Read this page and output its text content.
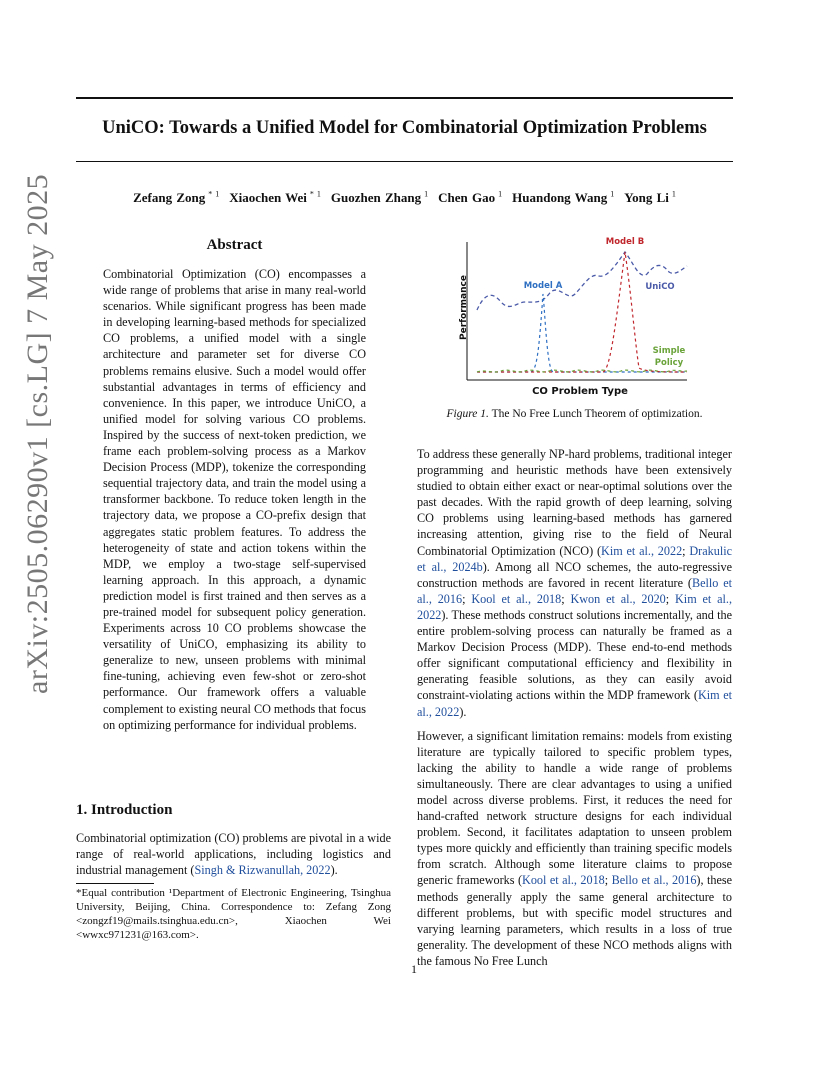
arXiv:2505.06290v1 [cs.LG] 7 May 2025
UniCO: Towards a Unified Model for Combinatorial Optimization Problems
Zefang Zong $^{* 1}$ Xiaochen Wei $^{* 1}$ Guozhen Zhang $^1$ Chen Gao $^1$ Huandong Wang $^1$ Yong Li $^1$
Abstract
Combinatorial Optimization (CO) encompasses a wide range of problems that arise in many real-world scenarios. While significant progress has been made in developing learning-based methods for specialized CO problems, a unified model with a single architecture and parameter set for diverse CO problems remains elusive. Such a model would offer substantial advantages in terms of efficiency and convenience. In this paper, we introduce UniCO, a unified model for solving various CO problems. Inspired by the success of next-token prediction, we frame each problem-solving process as a Markov Decision Process (MDP), tokenize the corresponding sequential trajectory data, and train the model using a transformer backbone. To reduce token length in the trajectory data, we propose a CO-prefix design that aggregates static problem features. To address the heterogeneity of state and action tokens within the MDP, we employ a two-stage self-supervised learning approach. In this approach, a dynamic prediction model is first trained and then serves as a pre-trained model for subsequent policy generation. Experiments across 10 CO problems showcase the versatility of UniCO, emphasizing its ability to generalize to new, unseen problems with minimal fine-tuning, achieving even few-shot or zero-shot performance. Our framework offers a valuable complement to existing neural CO methods that focus on optimizing performance for individual problems.
1. Introduction
Combinatorial optimization (CO) problems are pivotal in a wide range of real-world applications, including logistics and industrial management (Singh & Rizwanullah, 2022).
*Equal contribution ¹Department of Electronic Engineering, Tsinghua University, Beijing, China. Correspondence to: Zefang Zong <zongzf19@mails.tsinghua.edu.cn>, Xiaochen Wei <wwxc971231@163.com>.
Performance
CO Problem Type
Model A
Model B
UniCO
Simple
Policy
Figure 1. The No Free Lunch Theorem of optimization.

To address these generally NP-hard problems, traditional integer programming and heuristic methods have been extensively studied to obtain either exact or near-optimal solutions over the past decades. With the rapid growth of deep learning, solving CO problems using learning-based methods has garnered increasing attention, giving rise to the field of Neural Combinatorial Optimization (NCO) (Kim et al., 2022; Drakulic et al., 2024b). Among all NCO schemes, the auto-regressive construction methods are favored in recent literature (Bello et al., 2016; Kool et al., 2018; Kwon et al., 2020; Kim et al., 2022). These methods construct solutions incrementally, and the entire problem-solving process can naturally be framed as a Markov Decision Process (MDP). These end-to-end methods offer significant computational efficiency and flexibility in generating feasible solutions, as they can easily avoid constraint-violating actions within the MDP framework (Kim et al., 2022).

However, a significant limitation remains: models from existing literature are typically tailored to specific problem types, lacking the ability to handle a wide range of problems simultaneously. There are clear advantages to using a unified model across diverse problems. First, it reduces the need for hand-crafted network structure designs for each individual problem. Second, it facilitates adaptation to unseen problem types more quickly and efficiently than training specific models from scratch. Although some literature claims to propose generic frameworks (Kool et al., 2018; Bello et al., 2016), these methods generally apply the same general architecture to different problems, but with specific model structures and varying learning parameters, which results in a loss of true generality. The development of these NCO methods aligns with the famous No Free Lunch

1
